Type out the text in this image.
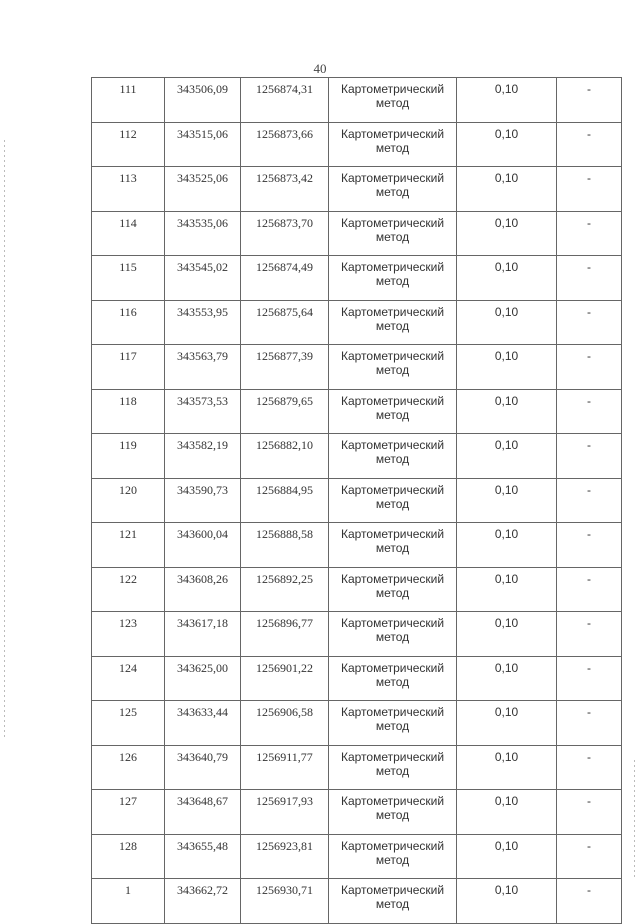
40
111	343506,09	1256874,31	Картометрический
метод	0,10	-
112	343515,06	1256873,66	Картометрический
метод	0,10	-
113	343525,06	1256873,42	Картометрический
метод	0,10	-
114	343535,06	1256873,70	Картометрический
метод	0,10	-
115	343545,02	1256874,49	Картометрический
метод	0,10	-
116	343553,95	1256875,64	Картометрический
метод	0,10	-
117	343563,79	1256877,39	Картометрический
метод	0,10	-
118	343573,53	1256879,65	Картометрический
метод	0,10	-
119	343582,19	1256882,10	Картометрический
метод	0,10	-
120	343590,73	1256884,95	Картометрический
метод	0,10	-
121	343600,04	1256888,58	Картометрический
метод	0,10	-
122	343608,26	1256892,25	Картометрический
метод	0,10	-
123	343617,18	1256896,77	Картометрический
метод	0,10	-
124	343625,00	1256901,22	Картометрический
метод	0,10	-
125	343633,44	1256906,58	Картометрический
метод	0,10	-
126	343640,79	1256911,77	Картометрический
метод	0,10	-
127	343648,67	1256917,93	Картометрический
метод	0,10	-
128	343655,48	1256923,81	Картометрический
метод	0,10	-
1	343662,72	1256930,71	Картометрический
метод	0,10	-
